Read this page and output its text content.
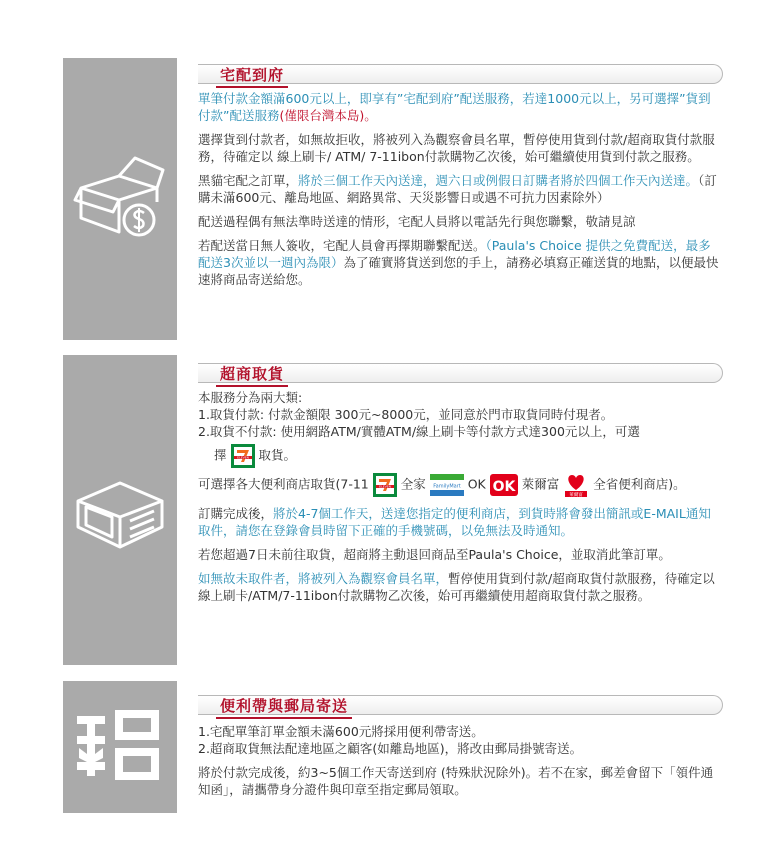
宅配到府

單筆付款金額滿600元以上，即享有”宅配到府”配送服務，若達1000元以上，另可選擇”貨到付款”配送服務(僅限台灣本島)。

選擇貨到付款者，如無故拒收，將被列入為觀察會員名單，暫停使用貨到付款/超商取貨付款服務，待確定以 線上刷卡/ ATM/ 7-11ibon付款購物乙次後，始可繼續使用貨到付款之服務。

黑貓宅配之訂單，將於三個工作天內送達，週六日或例假日訂購者將於四個工作天內送達。（訂購未滿600元、離島地區、網路異常、天災影響日或遇不可抗力因素除外）

配送過程偶有無法準時送達的情形，宅配人員將以電話先行與您聯繫，敬請見諒

若配送當日無人簽收，宅配人員會再擇期聯繫配送。（Paula's Choice 提供之免費配送，最多配送3次並以一週內為限）為了確實將貨送到您的手上，請務必填寫正確送貨的地點，以便最快速將商品寄送給您。

超商取貨

本服務分為兩大類:

1.取貨付款: 付款金額限 300元~8000元，並同意於門市取貨同時付現者。

2.取貨不付款: 使用網路ATM/實體ATM/線上刷卡等付款方式達300元以上，可選

擇	ELEVEN 取貨。

可選擇各大便利商店取貨(7-11	ELEVEN 全家 FamilyMart OK OK 萊爾富
萊爾富
全省便利商店)。

訂購完成後，將於4-7個工作天，送達您指定的便利商店，到貨時將會發出簡訊或E-MAIL通知取件，請您在登錄會員時留下正確的手機號碼，以免無法及時通知。

若您超過7日未前往取貨，超商將主動退回商品至Paula's Choice，並取消此筆訂單。

如無故未取件者，將被列入為觀察會員名單，暫停使用貨到付款/超商取貨付款服務，待確定以線上刷卡/ATM/7-11ibon付款購物乙次後，始可再繼續使用超商取貨付款之服務。

便利帶與郵局寄送

1.宅配單筆訂單金額未滿600元將採用便利帶寄送。

2.超商取貨無法配達地區之顧客(如離島地區)，將改由郵局掛號寄送。

將於付款完成後，約3~5個工作天寄送到府 (特殊狀況除外)。若不在家，郵差會留下「領件通知函」，請攜帶身分證件與印章至指定郵局領取。
